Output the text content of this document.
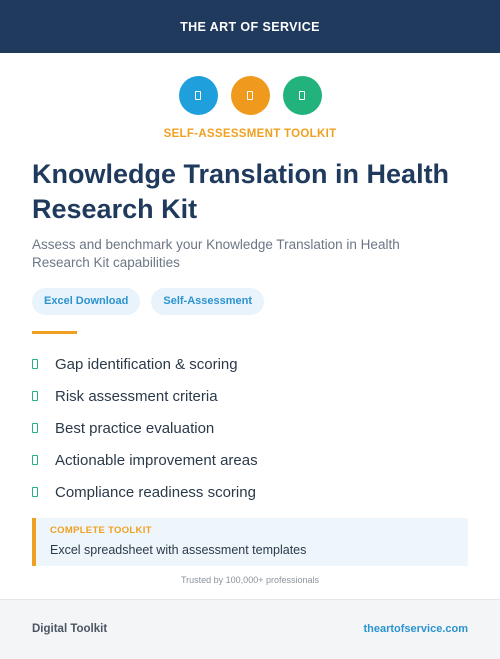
THE ART OF SERVICE
SELF-ASSESSMENT TOOLKIT
Knowledge Translation in Health Research Kit
Assess and benchmark your Knowledge Translation in Health Research Kit capabilities
Excel Download	Self-Assessment
Gap identification & scoring
Risk assessment criteria
Best practice evaluation
Actionable improvement areas
Compliance readiness scoring
COMPLETE TOOLKIT
Excel spreadsheet with assessment templates
Trusted by 100,000+ professionals
Digital Toolkit	theartofservice.com
